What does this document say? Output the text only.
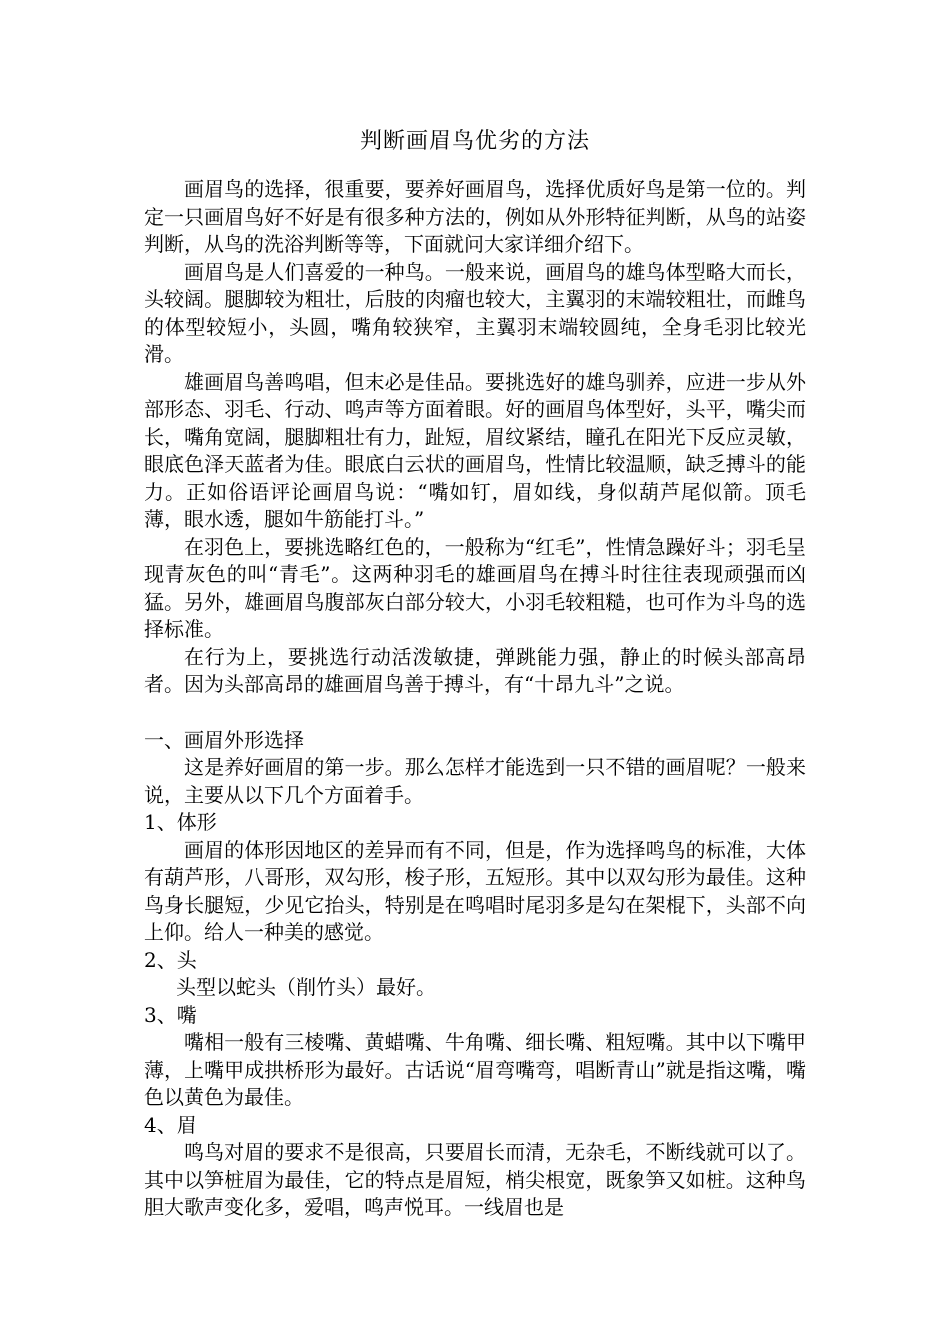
判断画眉鸟优劣的方法

画眉鸟的选择，很重要，要养好画眉鸟，选择优质好鸟是第一位的。判定一只画眉鸟好不好是有很多种方法的，例如从外形特征判断，从鸟的站姿判断，从鸟的洗浴判断等等，下面就问大家详细介绍下。

画眉鸟是人们喜爱的一种鸟。一般来说，画眉鸟的雄鸟体型略大而长，头较阔。腿脚较为粗壮，后肢的肉瘤也较大，主翼羽的末端较粗壮，而雌鸟的体型较短小，头圆，嘴角较狭窄，主翼羽末端较圆纯，全身毛羽比较光滑。

雄画眉鸟善鸣唱，但末必是佳品。要挑选好的雄鸟驯养，应进一步从外部形态、羽毛、行动、鸣声等方面着眼。好的画眉鸟体型好，头平，嘴尖而长，嘴角宽阔，腿脚粗壮有力，趾短，眉纹紧结，瞳孔在阳光下反应灵敏，眼底色泽天蓝者为佳。眼底白云状的画眉鸟，性情比较温顺，缺乏搏斗的能力。正如俗语评论画眉鸟说：“嘴如钉，眉如线，身似葫芦尾似箭。顶毛薄，眼水透，腿如牛筋能打斗。”

在羽色上，要挑选略红色的，一般称为“红毛”，性情急躁好斗；羽毛呈现青灰色的叫“青毛”。这两种羽毛的雄画眉鸟在搏斗时往往表现顽强而凶猛。另外，雄画眉鸟腹部灰白部分较大，小羽毛较粗糙，也可作为斗鸟的选择标准。

在行为上，要挑选行动活泼敏捷，弹跳能力强，静止的时候头部高昂者。因为头部高昂的雄画眉鸟善于搏斗，有“十昂九斗”之说。

一、画眉外形选择

这是养好画眉的第一步。那么怎样才能选到一只不错的画眉呢？一般来说，主要从以下几个方面着手。

1、体形

画眉的体形因地区的差异而有不同，但是，作为选择鸣鸟的标准，大体有葫芦形，八哥形，双勾形，梭子形，五短形。其中以双勾形为最佳。这种鸟身长腿短，少见它抬头，特别是在鸣唱时尾羽多是勾在架棍下，头部不向上仰。给人一种美的感觉。

2、头

头型以蛇头（削竹头）最好。

3、嘴

嘴相一般有三棱嘴、黄蜡嘴、牛角嘴、细长嘴、粗短嘴。其中以下嘴甲薄，上嘴甲成拱桥形为最好。古话说“眉弯嘴弯，唱断青山”就是指这嘴，嘴色以黄色为最佳。

4、眉

鸣鸟对眉的要求不是很高，只要眉长而清，无杂毛，不断线就可以了。其中以笋桩眉为最佳，它的特点是眉短，梢尖根宽，既象笋又如桩。这种鸟胆大歌声变化多，爱唱，鸣声悦耳。一线眉也是
